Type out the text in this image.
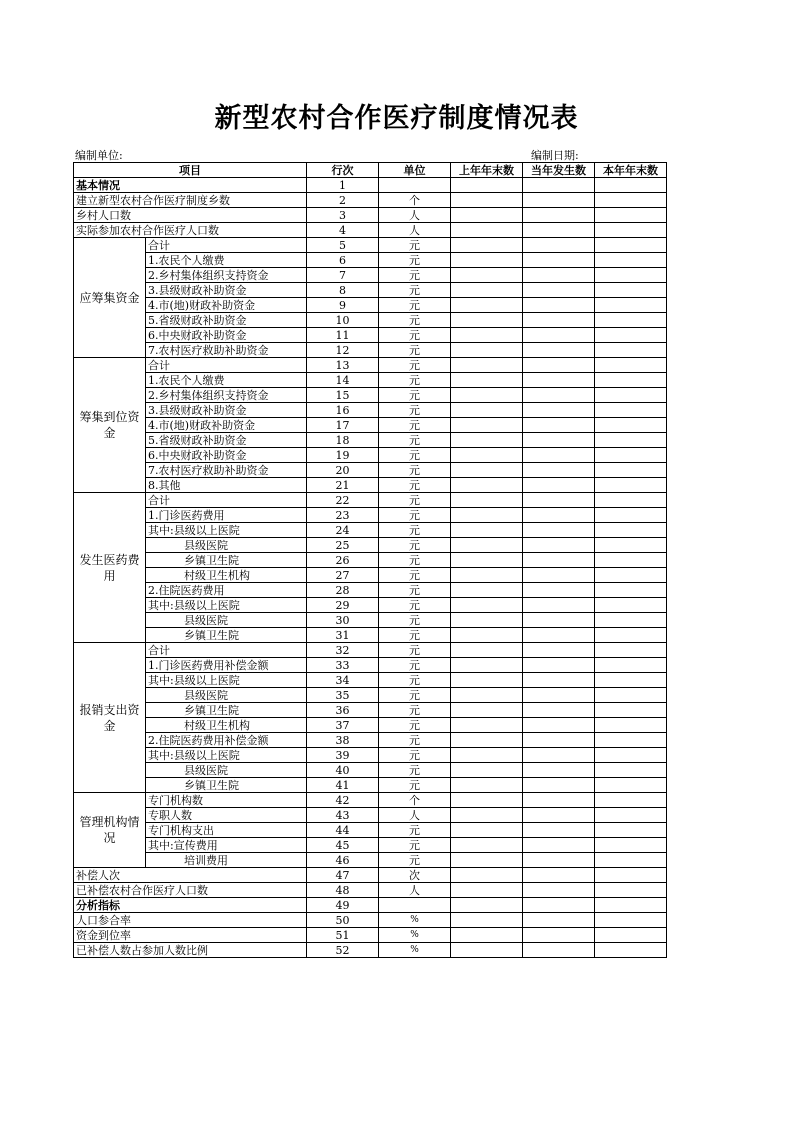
新型农村合作医疗制度情况表
编制单位:	编制日期:
项目		行次	单位	上年年末数	当年发生数	本年年末数
基本情况		1				
建立新型农村合作医疗制度乡数		2	个			
乡村人口数		3	人			
实际参加农村合作医疗人口数		4	人			
应筹集资金	合计	5	元			
	1.农民个人缴费	6	元			
	2.乡村集体组织支持资金	7	元			
	3.县级财政补助资金	8	元			
	4.市(地)财政补助资金	9	元			
	5.省级财政补助资金	10	元			
	6.中央财政补助资金	11	元			
	7.农村医疗救助补助资金	12	元			
筹集到位资金	合计	13	元			
	1.农民个人缴费	14	元			
	2.乡村集体组织支持资金	15	元			
	3.县级财政补助资金	16	元			
	4.市(地)财政补助资金	17	元			
	5.省级财政补助资金	18	元			
	6.中央财政补助资金	19	元			
	7.农村医疗救助补助资金	20	元			
	8.其他	21	元			
发生医药费用	合计	22	元			
	1.门诊医药费用	23	元			
	其中:县级以上医院	24	元			
	县级医院	25	元			
	乡镇卫生院	26	元			
	村级卫生机构	27	元			
	2.住院医药费用	28	元			
	其中:县级以上医院	29	元			
	县级医院	30	元			
	乡镇卫生院	31	元			
报销支出资金	合计	32	元			
	1.门诊医药费用补偿金额	33	元			
	其中:县级以上医院	34	元			
	县级医院	35	元			
	乡镇卫生院	36	元			
	村级卫生机构	37	元			
	2.住院医药费用补偿金额	38	元			
	其中:县级以上医院	39	元			
	县级医院	40	元			
	乡镇卫生院	41	元			
管理机构情况	专门机构数	42	个			
	专职人数	43	人			
	专门机构支出	44	元			
	其中:宣传费用	45	元			
	培训费用	46	元			
补偿人次		47	次			
已补偿农村合作医疗人口数		48	人			
分析指标		49				
人口参合率		50	%			
资金到位率		51	%			
已补偿人数占参加人数比例		52	%			
